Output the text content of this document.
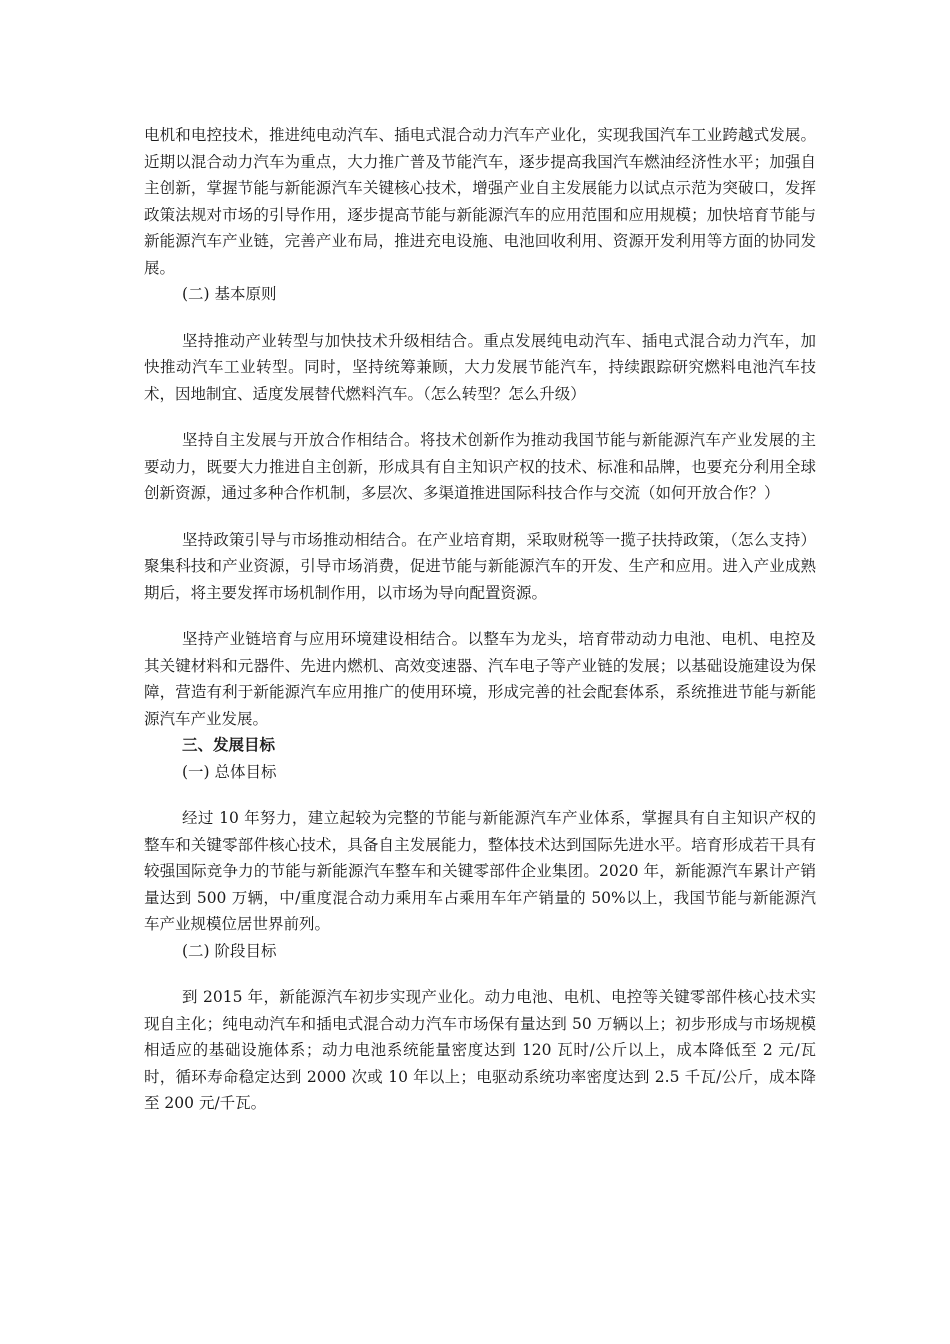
电机和电控技术，推进纯电动汽车、插电式混合动力汽车产业化，实现我国汽车工业跨越式发展。近期以混合动力汽车为重点，大力推广普及节能汽车，逐步提高我国汽车燃油经济性水平；加强自主创新，掌握节能与新能源汽车关键核心技术，增强产业自主发展能力以试点示范为突破口，发挥政策法规对市场的引导作用，逐步提高节能与新能源汽车的应用范围和应用规模；加快培育节能与新能源汽车产业链，完善产业布局，推进充电设施、电池回收利用、资源开发利用等方面的协同发展。

(二) 基本原则

坚持推动产业转型与加快技术升级相结合。重点发展纯电动汽车、插电式混合动力汽车，加快推动汽车工业转型。同时，坚持统筹兼顾，大力发展节能汽车，持续跟踪研究燃料电池汽车技术，因地制宜、适度发展替代燃料汽车。（怎么转型？怎么升级）

坚持自主发展与开放合作相结合。将技术创新作为推动我国节能与新能源汽车产业发展的主要动力，既要大力推进自主创新，形成具有自主知识产权的技术、标准和品牌，也要充分利用全球创新资源，通过多种合作机制，多层次、多渠道推进国际科技合作与交流（如何开放合作？）

坚持政策引导与市场推动相结合。在产业培育期，采取财税等一揽子扶持政策，（怎么支持）聚集科技和产业资源，引导市场消费，促进节能与新能源汽车的开发、生产和应用。进入产业成熟期后，将主要发挥市场机制作用，以市场为导向配置资源。

坚持产业链培育与应用环境建设相结合。以整车为龙头，培育带动动力电池、电机、电控及其关键材料和元器件、先进内燃机、高效变速器、汽车电子等产业链的发展；以基础设施建设为保障，营造有利于新能源汽车应用推广的使用环境，形成完善的社会配套体系，系统推进节能与新能源汽车产业发展。

三、发展目标

(一) 总体目标

经过 10 年努力，建立起较为完整的节能与新能源汽车产业体系，掌握具有自主知识产权的整车和关键零部件核心技术，具备自主发展能力，整体技术达到国际先进水平。培育形成若干具有较强国际竞争力的节能与新能源汽车整车和关键零部件企业集团。2020 年，新能源汽车累计产销量达到 500 万辆，中/重度混合动力乘用车占乘用车年产销量的 50%以上，我国节能与新能源汽车产业规模位居世界前列。

(二) 阶段目标

到 2015 年，新能源汽车初步实现产业化。动力电池、电机、电控等关键零部件核心技术实现自主化；纯电动汽车和插电式混合动力汽车市场保有量达到 50 万辆以上；初步形成与市场规模相适应的基础设施体系；动力电池系统能量密度达到 120 瓦时/公斤以上，成本降低至 2 元/瓦时，循环寿命稳定达到 2000 次或 10 年以上；电驱动系统功率密度达到 2.5 千瓦/公斤，成本降至 200 元/千瓦。
